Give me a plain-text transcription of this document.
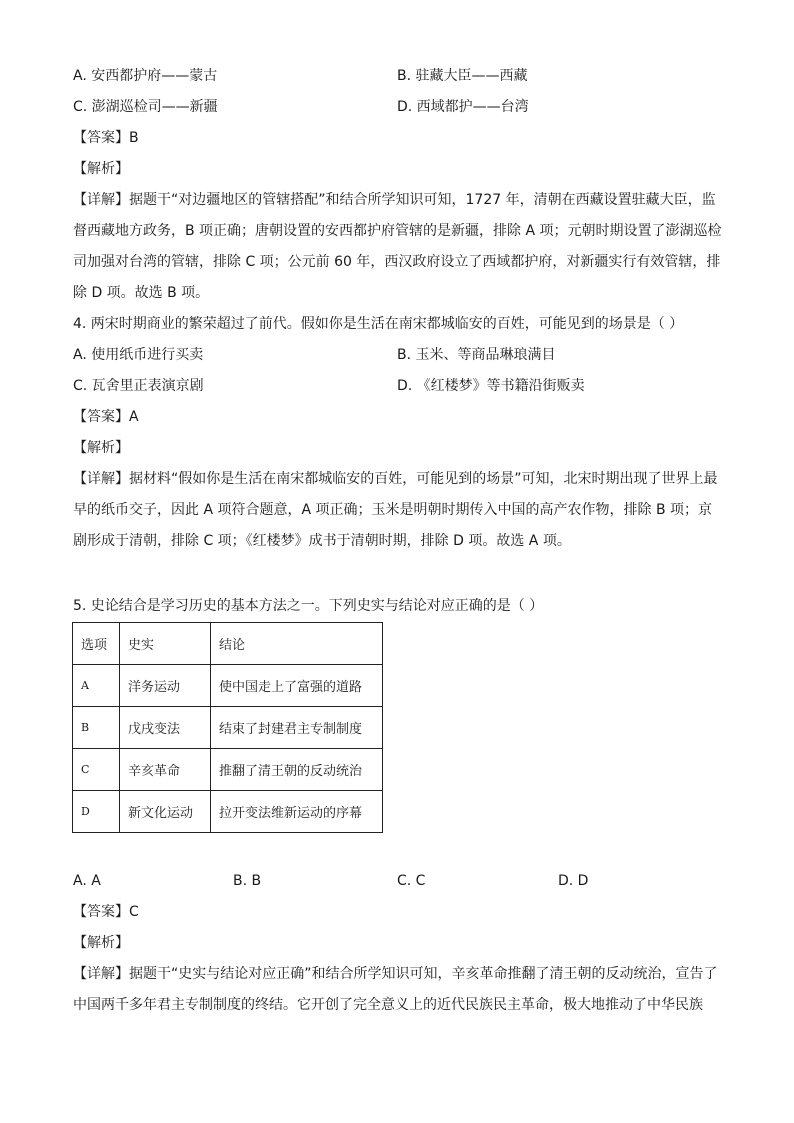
A. 安西都护府——蒙古	B. 驻藏大臣——西藏
C. 澎湖巡检司——新疆	D. 西域都护——台湾
【答案】B
【解析】
【详解】据题干“对边疆地区的管辖搭配”和结合所学知识可知，1727 年，清朝在西藏设置驻藏大臣，监督西藏地方政务，B 项正确；唐朝设置的安西都护府管辖的是新疆，排除 A 项；元朝时期设置了澎湖巡检司加强对台湾的管辖，排除 C 项；公元前 60 年，西汉政府设立了西域都护府，对新疆实行有效管辖，排除 D 项。故选 B 项。
4. 两宋时期商业的繁荣超过了前代。假如你是生活在南宋都城临安的百姓，可能见到的场景是（ ）
A. 使用纸币进行买卖	B. 玉米、等商品琳琅满目
C. 瓦舍里正表演京剧	D. 《红楼梦》等书籍沿街贩卖
【答案】A
【解析】
【详解】据材料“假如你是生活在南宋都城临安的百姓，可能见到的场景”可知，北宋时期出现了世界上最早的纸币交子，因此 A 项符合题意，A 项正确；玉米是明朝时期传入中国的高产农作物，排除 B 项；京剧形成于清朝，排除 C 项；《红楼梦》成书于清朝时期，排除 D 项。故选 A 项。
5. 史论结合是学习历史的基本方法之一。下列史实与结论对应正确的是（ ）
选项	史实	结论
A	洋务运动	使中国走上了富强的道路
B	戊戌变法	结束了封建君主专制制度
C	辛亥革命	推翻了清王朝的反动统治
D	新文化运动	拉开变法维新运动的序幕
A. A	B. B	C. C	D. D
【答案】C
【解析】
【详解】据题干“史实与结论对应正确”和结合所学知识可知，辛亥革命推翻了清王朝的反动统治，宣告了中国两千多年君主专制制度的终结。它开创了完全意义上的近代民族民主革命，极大地推动了中华民族
